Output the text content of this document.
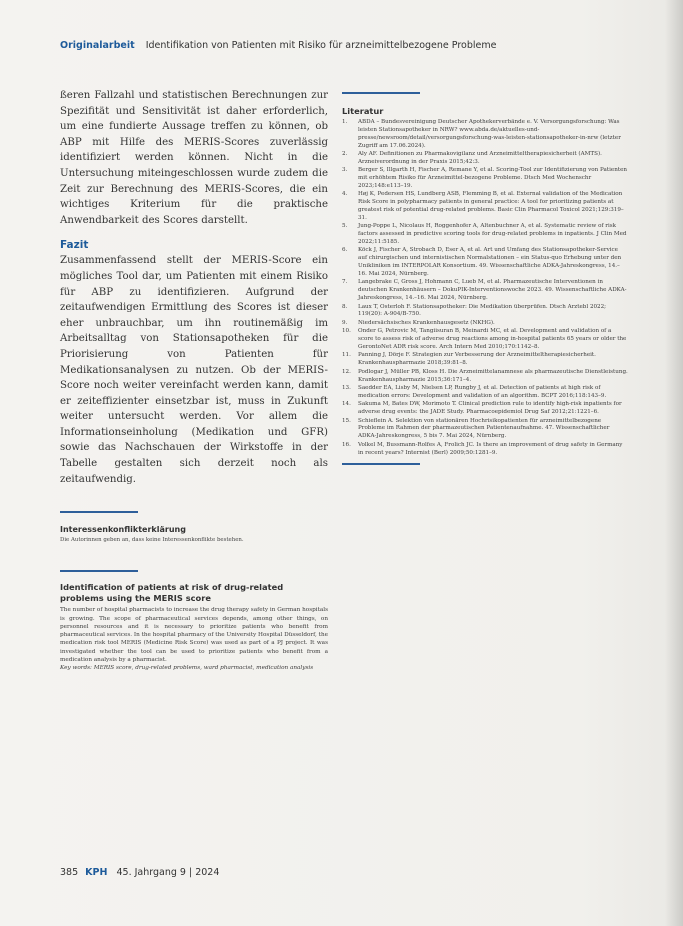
Originalarbeit Identifikation von Patienten mit Risiko für arzneimittelbezogene Probleme

ßeren Fallzahl und statistischen Berechnungen zur Spezifität und Sensitivität ist daher erforderlich, um eine fundierte Aussage treffen zu können, ob ABP mit Hilfe des MERIS-Scores zuverlässig identifiziert werden können. Nicht in die Untersuchung miteingeschlossen wurde zudem die Zeit zur Berechnung des MERIS-Scores, die ein wichtiges Kriterium für die praktische Anwendbarkeit des Scores darstellt.

Fazit

Zusammenfassend stellt der MERIS-Score ein mögliches Tool dar, um Patienten mit einem Risiko für ABP zu identifizieren. Aufgrund der zeitaufwendigen Ermittlung des Scores ist dieser eher unbrauchbar, um ihn routinemäßig im Arbeitsalltag von Stationsapotheken für die Priorisierung von Patienten für Medikationsanalysen zu nutzen. Ob der MERIS-Score noch weiter vereinfacht werden kann, damit er zeiteffizienter einsetzbar ist, muss in Zukunft weiter untersucht werden. Vor allem die Informationseinholung (Medikation und GFR) sowie das Nachschauen der Wirkstoffe in der Tabelle gestalten sich derzeit noch als zeitaufwendig.

Interessenkonflikterklärung
Die Autorinnen geben an, dass keine Interessenkonflikte bestehen.
Identification of patients at risk of drug-related problems using the MERIS score

The number of hospital pharmacists to increase the drug therapy safety in German hospitals is growing. The scope of pharmaceutical services depends, among other things, on personnel resources and it is necessary to prioritize patients who benefit from pharmaceutical services. In the hospital pharmacy of the University Hospital Düsseldorf, the medication risk tool MERIS (Medicine Risk Score) was used as part of a PJ project. It was investigated whether the tool can be used to prioritize patients who benefit from a medication analysis by a pharmacist.

Key words: MERIS score, drug-related problems, ward pharmacist, medication analysis

Literatur
1.	ABDA – Bundesvereinigung Deutscher Apothekerverbände e. V. Versorgungsforschung: Was leisten Stationsapotheker in NRW? www.abda.de/aktuelles-und-presse/newsroom/detail/versorgungsforschung-was-leisten-stationsapotheker-in-nrw (letzter Zugriff am 17.06.2024).
2.	Aly AF. Definitionen zu Pharmakovigilanz und Arzneimitteltherapiesicherheit (AMTS). Arzneiverordnung in der Praxis 2015;42:3.
3.	Berger S, Illgarth H, Fischer A, Remane Y, et al. Scoring-Tool zur Identifizierung von Patienten mit erhöhtem Risiko für Arzneimittel-bezogene Probleme. Dtsch Med Wochenschr 2023;148:e113–19.
4.	Høj K, Pedersen HS, Lundberg ASB, Flemming B, et al. External validation of the Medication Risk Score in polypharmacy patients in general practice: A tool for prioritizing patients at greatest risk of potential drug-related problems. Basic Clin Pharmacol Toxicol 2021;129:319–31.
5.	Jung-Poppe L, Nicolaus H, Roggenhofer A, Altenbuchner A, et al. Systematic review of risk factors assessed in predictive scoring tools for drug-related problems in inpatients. J Clin Med 2022;11:5185.
6.	Köck J, Fischer A, Strobach D, Eser A, et al. Art und Umfang des Stationsapotheker-Service auf chirurgischen und internistischen Normalstationen – ein Status-quo Erhebung unter den Unikliniken im INTERPOLAR Konsortium. 49. Wissenschaftliche ADKA-Jahreskongress, 14.–16. Mai 2024, Nürnberg.
7.	Langebrake C, Gross J, Hohmann C, Lueb M, et al. Pharmazeutische Interventionen in deutschen Krankenhäusern – DokuPIK-Interventionswoche 2023. 49. Wissenschaftliche ADKA-Jahreskongress, 14.–16. Mai 2024, Nürnberg.
8.	Laux T, Osterloh F. Stationsapotheker: Die Medikation überprüfen. Dtsch Arztebl 2022; 119(20): A-904/B-750.
9.	Niedersächsisches Krankenhausgesetz (NKHG).
10.	Onder G, Petrovic M, Tangiisuran B, Meinardi MC, et al. Development and validation of a score to assess risk of adverse drug reactions among in-hospital patients 65 years or older the GerontoNet ADR risk score. Arch Intern Med 2010;170:1142–8.
11.	Panning J, Dörje F. Strategien zur Verbesserung der Arzneimitteltherapiesicherheit. Krankenhauspharmazie 2018;39:81–8.
12.	Podlogar J, Müller PB, Kloss H. Die Arzneimittelanamnese als pharmazeutische Dienstleistung. Krankenhauspharmazie 2015;36:171–4.
13.	Saedder EA, Lisby M, Nielsen LP, Rungby J, et al. Detection of patients at high risk of medication errors: Development and validation of an algorithm. BCPT 2016;118:143–9.
14.	Sakuma M, Bates DW, Morimoto T. Clinical prediction rule to identify high-risk inpatients for adverse drug events: the JADE Study. Pharmacoepidemiol Drug Saf 2012;21:1221–6.
15.	Schieflein A. Selektion von stationären Hochrisikopatienten für arzneimittelbezogene Probleme im Rahmen der pharmazeutischen Patientenaufnahme. 47. Wissenschaftlicher ADKA-Jahreskongress, 5 bis 7. Mai 2024, Nürnberg.
16.	Volkel M, Bussmann-Rolfes A, Frolich JC. Is there an improvement of drug safety in Germany in recent years? Internist (Berl) 2009;50:1281–9.
385 KPH 45. Jahrgang 9 | 2024
